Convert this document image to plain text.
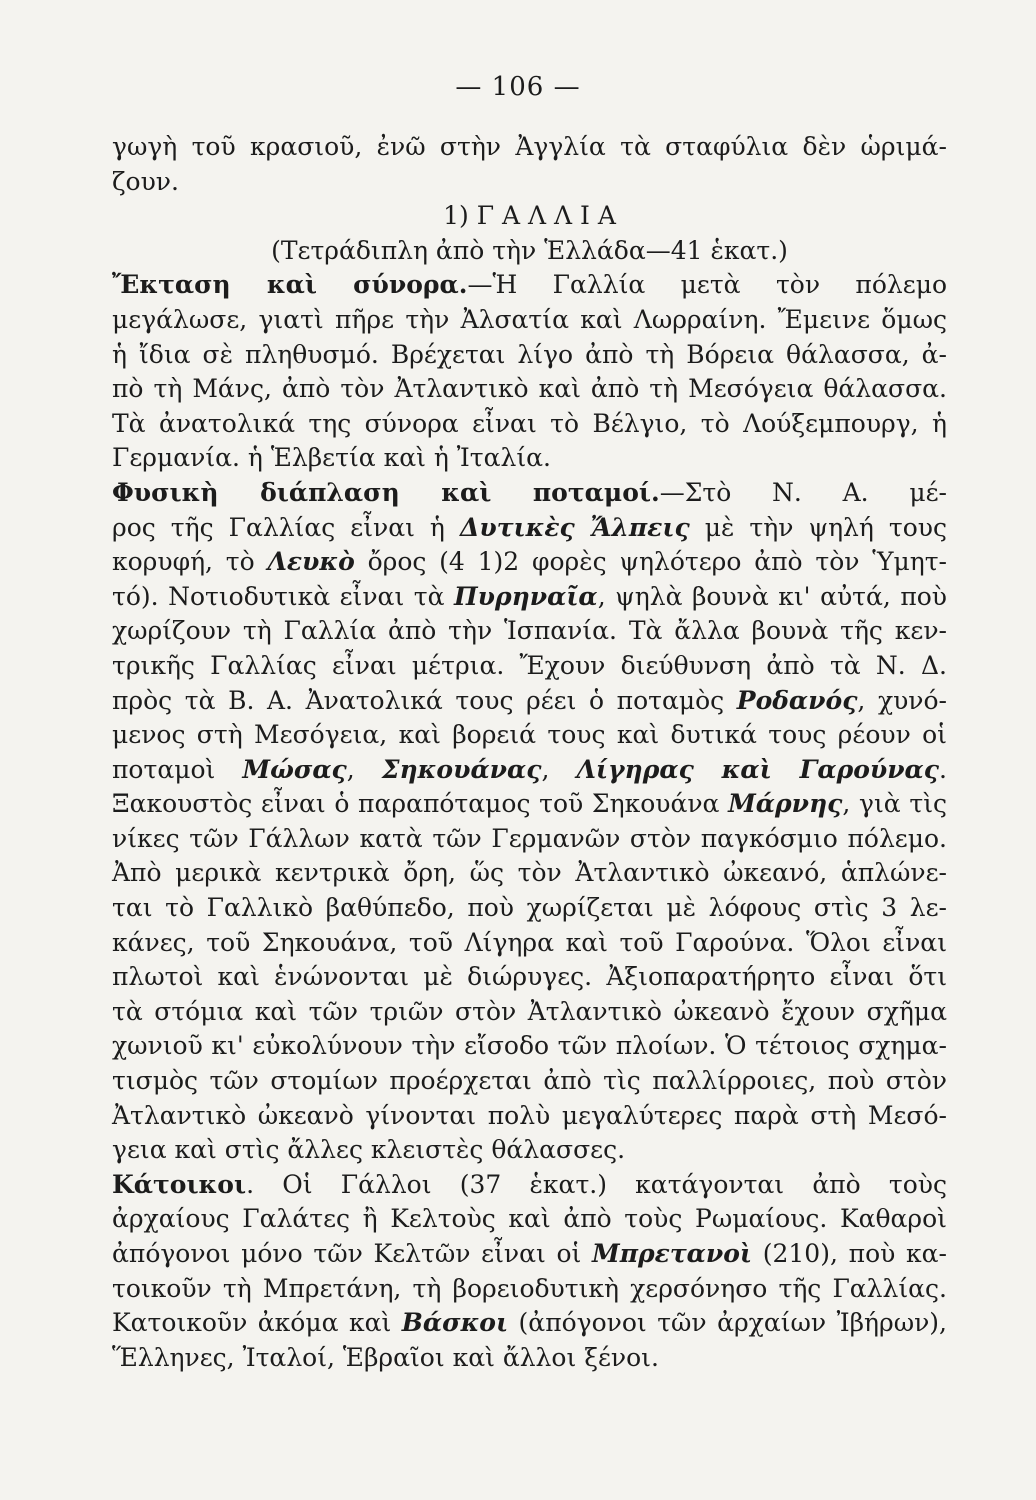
— 106 —
γωγὴ τοῦ κρασιοῦ, ἐνῶ στὴν Ἀγγλία τὰ σταφύλια δὲν ὡριμά-
ζουν.
1) Γ Α Λ Λ Ι Α
(Τετράδιπλη ἀπὸ τὴν Ἑλλάδα—41 ἑκατ.)
Ἔκταση καὶ σύνορα.—Ἡ Γαλλία μετὰ τὸν πόλεμο
μεγάλωσε, γιατὶ πῆρε τὴν Ἀλσατία καὶ Λωρραίνη. Ἔμεινε ὅμως
ἡ ἴδια σὲ πληθυσμό. Βρέχεται λίγο ἀπὸ τὴ Βόρεια θάλασσα, ἀ-
πὸ τὴ Μάνς, ἀπὸ τὸν Ἀτλαντικὸ καὶ ἀπὸ τὴ Μεσόγεια θάλασσα.
Τὰ ἀνατολικά της σύνορα εἶναι τὸ Βέλγιο, τὸ Λούξεμπουργ, ἡ
Γερμανία. ἡ Ἑλβετία καὶ ἡ Ἰταλία.
Φυσικὴ διάπλαση καὶ ποταμοί.—Στὸ Ν. Α. μέ-
ρος τῆς Γαλλίας εἶναι ἡ Δυτικὲς Ἄλπεις μὲ τὴν ψηλή τους
κορυφή, τὸ Λευκὸ ὄρος (4 1)2 φορὲς ψηλότερο ἀπὸ τὸν Ὑμητ-
τό). Νοτιοδυτικὰ εἶναι τὰ Πυρηναῖα, ψηλὰ βουνὰ κι' αὐτά, ποὺ
χωρίζουν τὴ Γαλλία ἀπὸ τὴν Ἱσπανία. Τὰ ἄλλα βουνὰ τῆς κεν-
τρικῆς Γαλλίας εἶναι μέτρια. Ἔχουν διεύθυνση ἀπὸ τὰ Ν. Δ.
πρὸς τὰ Β. Α. Ἀνατολικά τους ρέει ὁ ποταμὸς Ροδανός, χυνό-
μενος στὴ Μεσόγεια, καὶ βορειά τους καὶ δυτικά τους ρέουν οἱ
ποταμοὶ Μώσας, Σηκουάνας, Λίγηρας καὶ Γαρούνας.
Ξακουστὸς εἶναι ὁ παραπόταμος τοῦ Σηκουάνα Μάρνης, γιὰ τὶς
νίκες τῶν Γάλλων κατὰ τῶν Γερμανῶν στὸν παγκόσμιο πόλεμο.
Ἀπὸ μερικὰ κεντρικὰ ὄρη, ὥς τὸν Ἀτλαντικὸ ὠκεανό, ἁπλώνε-
ται τὸ Γαλλικὸ βαθύπεδο, ποὺ χωρίζεται μὲ λόφους στὶς 3 λε-
κάνες, τοῦ Σηκουάνα, τοῦ Λίγηρα καὶ τοῦ Γαρούνα. Ὅλοι εἶναι
πλωτοὶ καὶ ἑνώνονται μὲ διώρυγες. Ἀξιοπαρατήρητο εἶναι ὅτι
τὰ στόμια καὶ τῶν τριῶν στὸν Ἀτλαντικὸ ὠκεανὸ ἔχουν σχῆμα
χωνιοῦ κι' εὐκολύνουν τὴν εἴσοδο τῶν πλοίων. Ὁ τέτοιος σχημα-
τισμὸς τῶν στομίων προέρχεται ἀπὸ τὶς παλλίρροιες, ποὺ στὸν
Ἀτλαντικὸ ὠκεανὸ γίνονται πολὺ μεγαλύτερες παρὰ στὴ Μεσό-
γεια καὶ στὶς ἄλλες κλειστὲς θάλασσες.
Κάτοικοι. Οἱ Γάλλοι (37 ἑκατ.) κατάγονται ἀπὸ τοὺς
ἀρχαίους Γαλάτες ἢ Κελτοὺς καὶ ἀπὸ τοὺς Ρωμαίους. Καθαροὶ
ἀπόγονοι μόνο τῶν Κελτῶν εἶναι οἱ Μπρετανοὶ (210), ποὺ κα-
τοικοῦν τὴ Μπρετάνη, τὴ βορειοδυτικὴ χερσόνησο τῆς Γαλλίας.
Κατοικοῦν ἀκόμα καὶ Βάσκοι (ἀπόγονοι τῶν ἀρχαίων Ἰβήρων),
Ἕλληνες, Ἰταλοί, Ἑβραῖοι καὶ ἄλλοι ξένοι.
